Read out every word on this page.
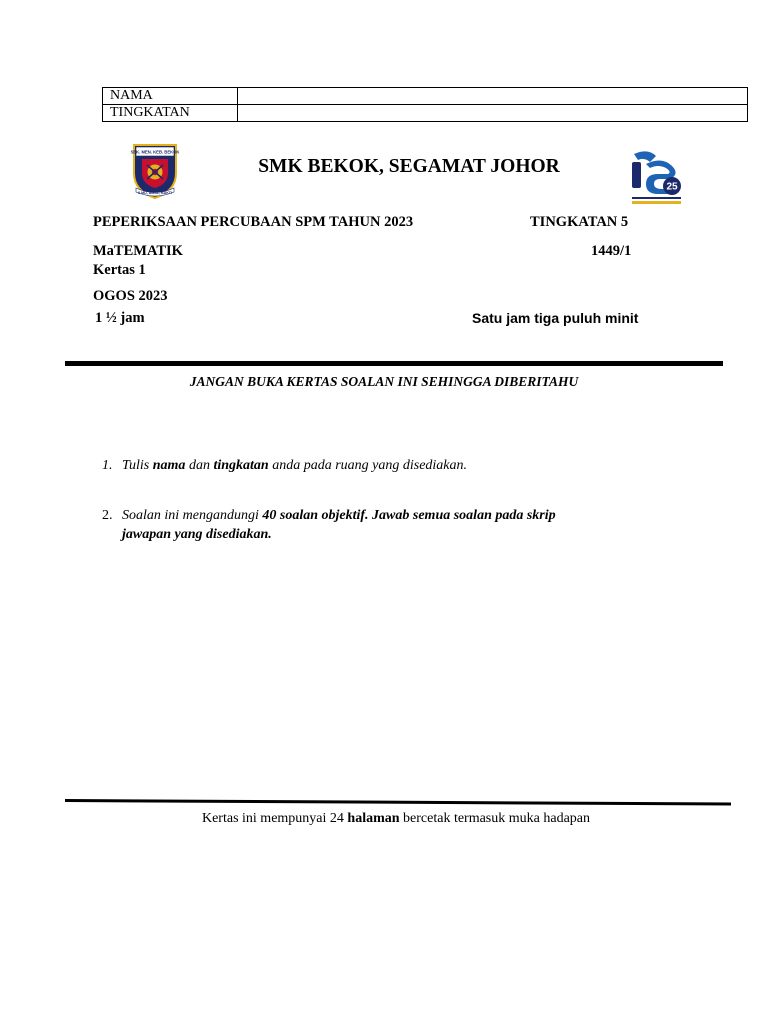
NAMA	
TINGKATAN	
SEK. MEN. KEB. BEKOK
ILMU, AMAL, BAKTI
25
SMK BEKOK, SEGAMAT JOHOR
PEPERIKSAAN PERCUBAAN SPM TAHUN 2023	TINGKATAN 5
MaTEMATIK	1449/1
Kertas 1
OGOS 2023
1 ½ jam	Satu jam tiga puluh minit
JANGAN BUKA KERTAS SOALAN INI SEHINGGA DIBERITAHU
1. Tulis nama dan tingkatan anda pada ruang yang disediakan.
2. Soalan ini mengandungi 40 soalan objektif. Jawab semua soalan pada skrip
jawapan yang disediakan.
Kertas ini mempunyai 24 halaman bercetak termasuk muka hadapan
